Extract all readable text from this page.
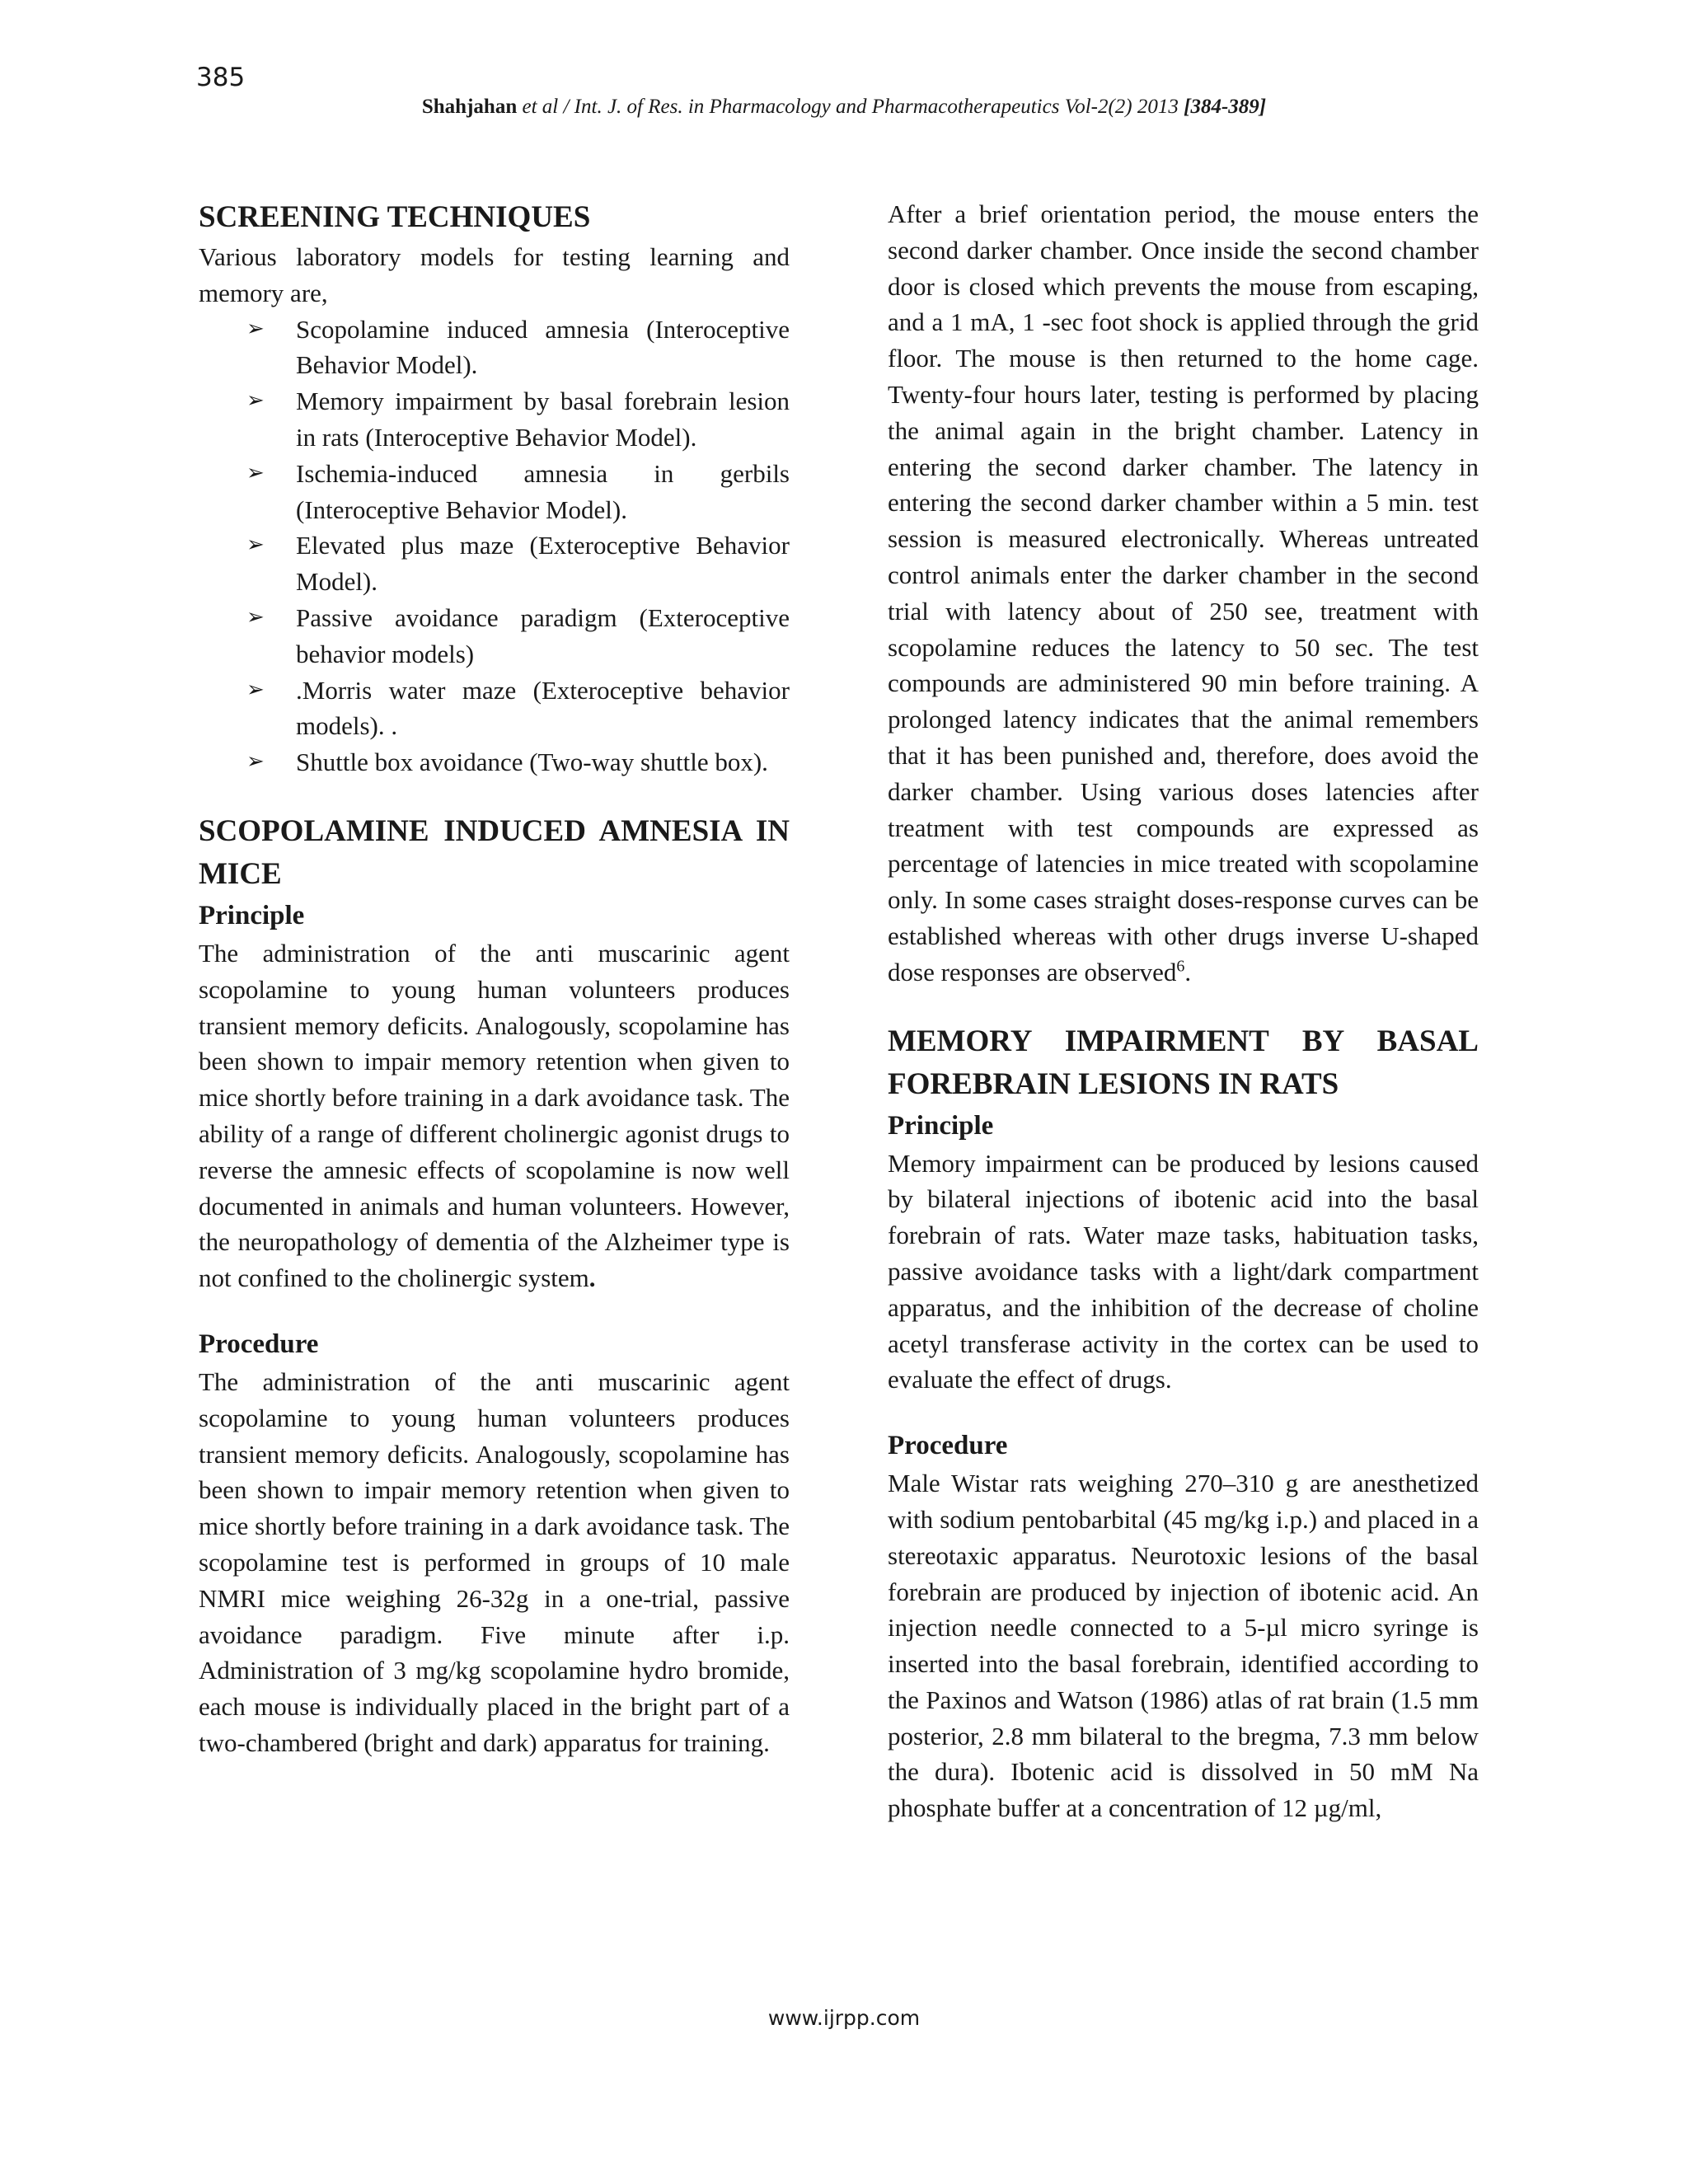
385
Shahjahan et al / Int. J. of Res. in Pharmacology and Pharmacotherapeutics Vol-2(2) 2013 [384-389]
SCREENING TECHNIQUES

Various laboratory models for testing learning and memory are,

➢ Scopolamine induced amnesia (Interoceptive Behavior Model).
➢ Memory impairment by basal forebrain lesion in rats (Interoceptive Behavior Model).
➢ Ischemia-induced amnesia in gerbils (Interoceptive Behavior Model).
➢ Elevated plus maze (Exteroceptive Behavior Model).
➢ Passive avoidance paradigm (Exteroceptive behavior models)
➢ .Morris water maze (Exteroceptive behavior models). .
➢ Shuttle box avoidance (Two-way shuttle box).
SCOPOLAMINE INDUCED AMNESIA IN MICE
Principle

The administration of the anti muscarinic agent scopolamine to young human volunteers produces transient memory deficits. Analogously, scopolamine has been shown to impair memory retention when given to mice shortly before training in a dark avoidance task. The ability of a range of different cholinergic agonist drugs to reverse the amnesic effects of scopolamine is now well documented in animals and human volunteers. However, the neuropathology of dementia of the Alzheimer type is not confined to the cholinergic system.

Procedure

The administration of the anti muscarinic agent scopolamine to young human volunteers produces transient memory deficits. Analogously, scopolamine has been shown to impair memory retention when given to mice shortly before training in a dark avoidance task. The scopolamine test is performed in groups of 10 male NMRI mice weighing 26-32g in a one-trial, passive avoidance paradigm. Five minute after i.p. Administration of 3 mg/kg scopolamine hydro bromide, each mouse is individually placed in the bright part of a two-chambered (bright and dark) apparatus for training.

After a brief orientation period, the mouse enters the second darker chamber. Once inside the second chamber door is closed which prevents the mouse from escaping, and a 1 mA, 1 -sec foot shock is applied through the grid floor. The mouse is then returned to the home cage. Twenty-four hours later, testing is performed by placing the animal again in the bright chamber. Latency in entering the second darker chamber. The latency in entering the second darker chamber within a 5 min. test session is measured electronically. Whereas untreated control animals enter the darker chamber in the second trial with latency about of 250 see, treatment with scopolamine reduces the latency to 50 sec. The test compounds are administered 90 min before training. A prolonged latency indicates that the animal remembers that it has been punished and, therefore, does avoid the darker chamber. Using various doses latencies after treatment with test compounds are expressed as percentage of latencies in mice treated with scopolamine only. In some cases straight doses-response curves can be established whereas with other drugs inverse U-shaped dose responses are observed$^6$.

MEMORY IMPAIRMENT BY BASAL FOREBRAIN LESIONS IN RATS
Principle

Memory impairment can be produced by lesions caused by bilateral injections of ibotenic acid into the basal forebrain of rats. Water maze tasks, habituation tasks, passive avoidance tasks with a light/dark compartment apparatus, and the inhibition of the decrease of choline acetyl transferase activity in the cortex can be used to evaluate the effect of drugs.

Procedure

Male Wistar rats weighing 270–310 g are anesthetized with sodium pentobarbital (45 mg/kg i.p.) and placed in a stereotaxic apparatus. Neurotoxic lesions of the basal forebrain are produced by injection of ibotenic acid. An injection needle connected to a 5-µl micro syringe is inserted into the basal forebrain, identified according to the Paxinos and Watson (1986) atlas of rat brain (1.5 mm posterior, 2.8 mm bilateral to the bregma, 7.3 mm below the dura). Ibotenic acid is dissolved in 50 mM Na phosphate buffer at a concentration of 12 µg/ml,

www.ijrpp.com
